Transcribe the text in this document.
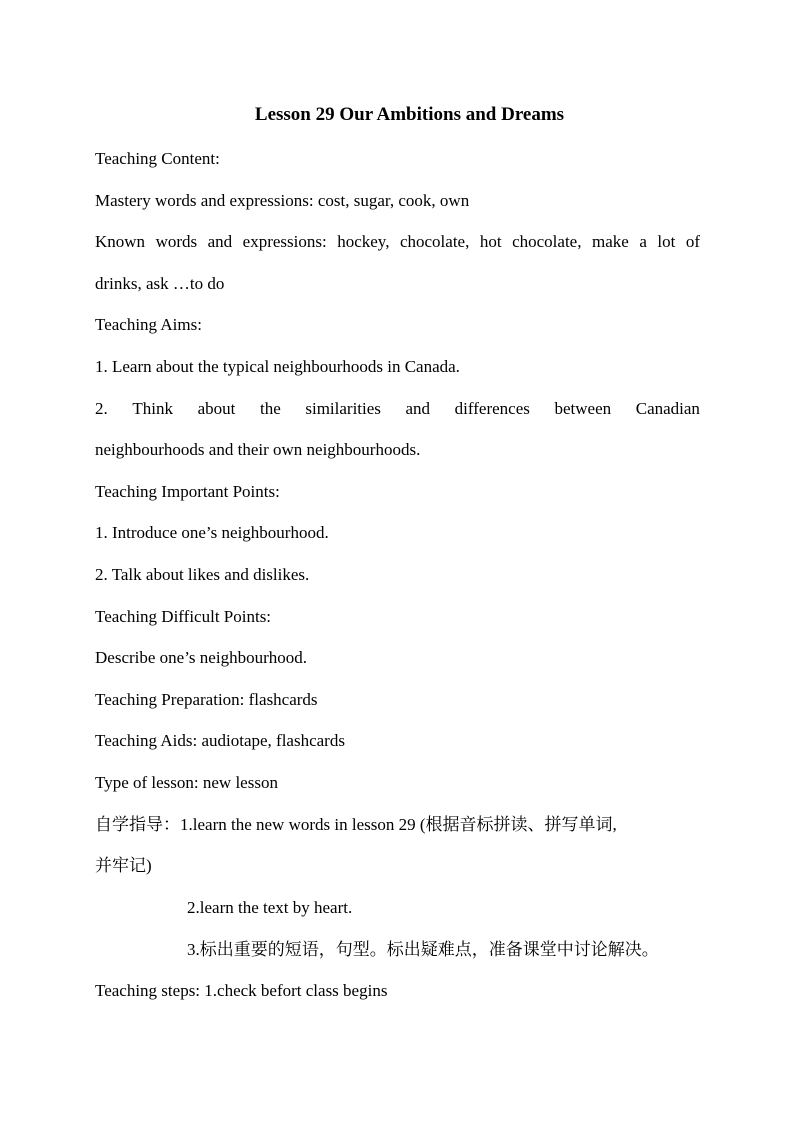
Lesson 29 Our Ambitions and Dreams

Teaching Content:

Mastery words and expressions: cost, sugar, cook, own

Known words and expressions: hockey, chocolate, hot chocolate, make a lot of

drinks, ask …to do

Teaching Aims:

1. Learn about the typical neighbourhoods in Canada.

2. Think about the similarities and differences between Canadian

neighbourhoods and their own neighbourhoods.

Teaching Important Points:

1. Introduce one’s neighbourhood.

2. Talk about likes and dislikes.

Teaching Difficult Points:

Describe one’s neighbourhood.

Teaching Preparation: flashcards

Teaching Aids: audiotape, flashcards

Type of lesson: new lesson

自学指导：1.learn the new words in lesson 29 (根据音标拼读、拼写单词,

并牢记)

2.learn the text by heart.

3.标出重要的短语，句型。标出疑难点，准备课堂中讨论解决。

Teaching steps: 1.check befort class begins
